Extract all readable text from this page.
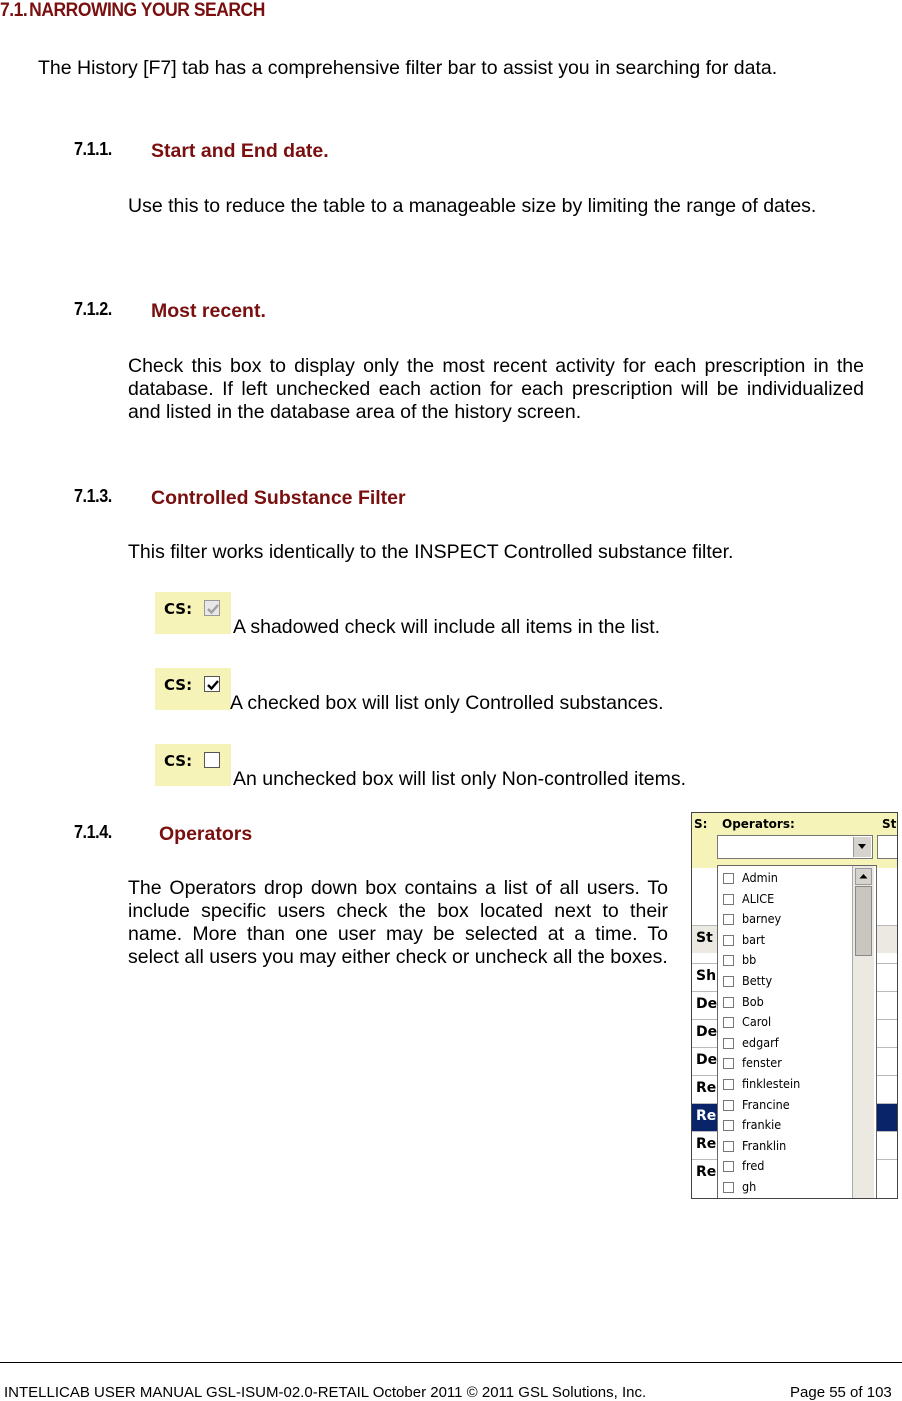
7.1.NARROWING YOUR SEARCH
The History [F7] tab has a comprehensive filter bar to assist you in searching for data.
7.1.1. Start and End date.
Use this to reduce the table to a manageable size by limiting the range of dates.
7.1.2. Most recent.
Check this box to display only the most recent activity for each prescription in the database. If left unchecked each action for each prescription will be individualized and listed in the database area of the history screen.
7.1.3. Controlled Substance Filter
This filter works identically to the INSPECT Controlled substance filter.
CS:
A shadowed check will include all items in the list.
CS:
A checked box will list only Controlled substances.
CS:
An unchecked box will list only Non-controlled items.
7.1.4. Operators
The Operators drop down box contains a list of all users. To include specific users check the box located next to their name. More than one user may be selected at a time. To select all users you may either check or uncheck all the boxes.
S: Operators:	St
St
Sh
De
De
De
Re
Re
Re
Re
Admin
ALICE
barney
bart
bb
Betty
Bob
Carol
edgarf
fenster
finklestein
Francine
frankie
Franklin
fred
gh
INTELLICAB USER MANUAL GSL-ISUM-02.0-RETAIL October 2011 © 2011 GSL Solutions, Inc.	Page 55 of 103
